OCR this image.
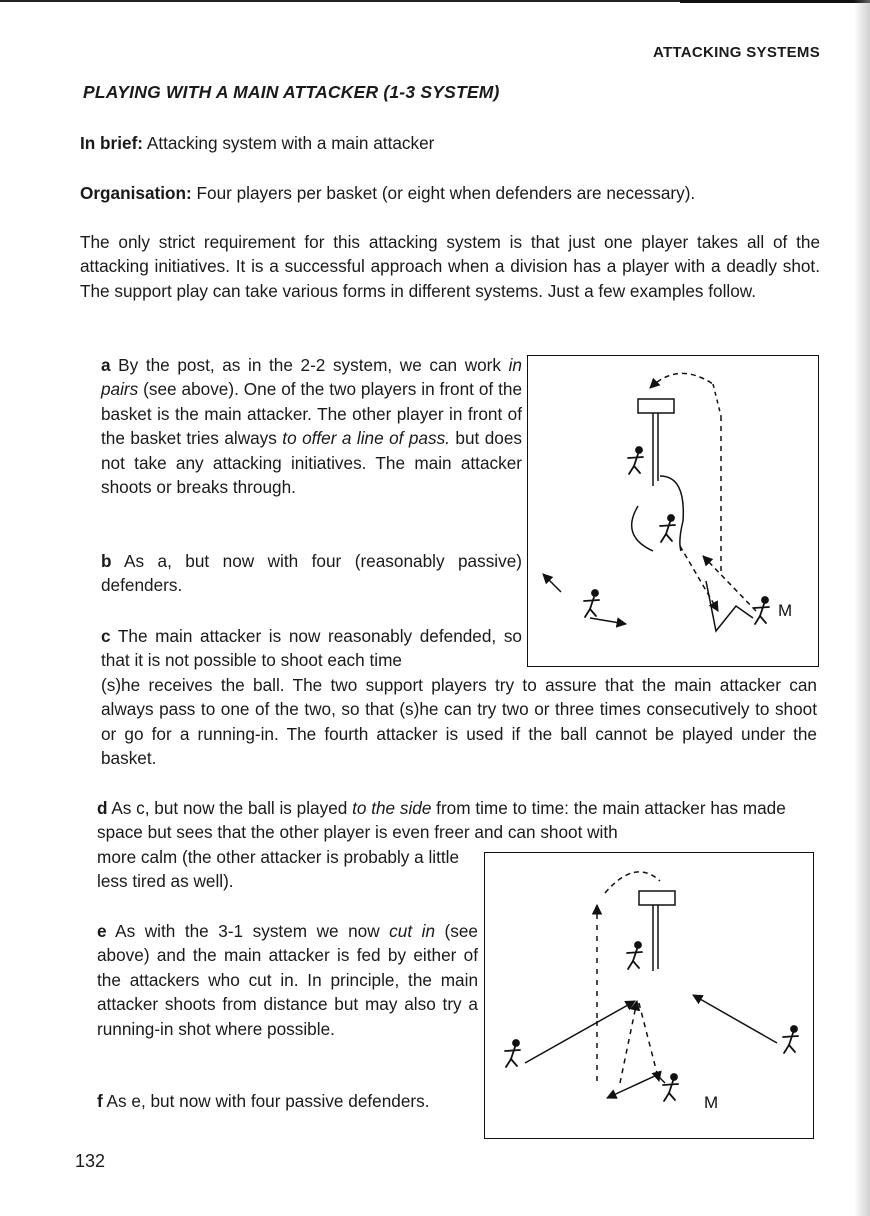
ATTACKING SYSTEMS
PLAYING WITH A MAIN ATTACKER (1-3 SYSTEM)

In brief: Attacking system with a main attacker

Organisation: Four players per basket (or eight when defenders are necessary).

The only strict requirement for this attacking system is that just one player takes all of the attacking initiatives. It is a successful approach when a division has a player with a deadly shot. The support play can take various forms in different systems. Just a few examples follow.

a By the post, as in the 2-2 system, we can work in pairs (see above). One of the two players in front of the basket is the main attacker. The other player in front of the basket tries always to offer a line of pass. but does not take any attacking initiatives. The main attacker shoots or breaks through.

b As a, but now with four (reasonably passive) defenders.

c The main attacker is now reasonably defended, so that it is not possible to shoot each time

(s)he receives the ball. The two support players try to assure that the main attacker can always pass to one of the two, so that (s)he can try two or three times consecutively to shoot or go for a running-in. The fourth attacker is used if the ball cannot be played under the basket.

d As c, but now the ball is played to the side from time to time: the main attacker has made space but sees that the other player is even freer and can shoot with

more calm (the other attacker is probably a little less tired as well).

e As with the 3-1 system we now cut in (see above) and the main attacker is fed by either of the attackers who cut in. In principle, the main attacker shoots from distance but may also try a running-in shot where possible.

f As e, but now with four passive defenders.

M
M
132
